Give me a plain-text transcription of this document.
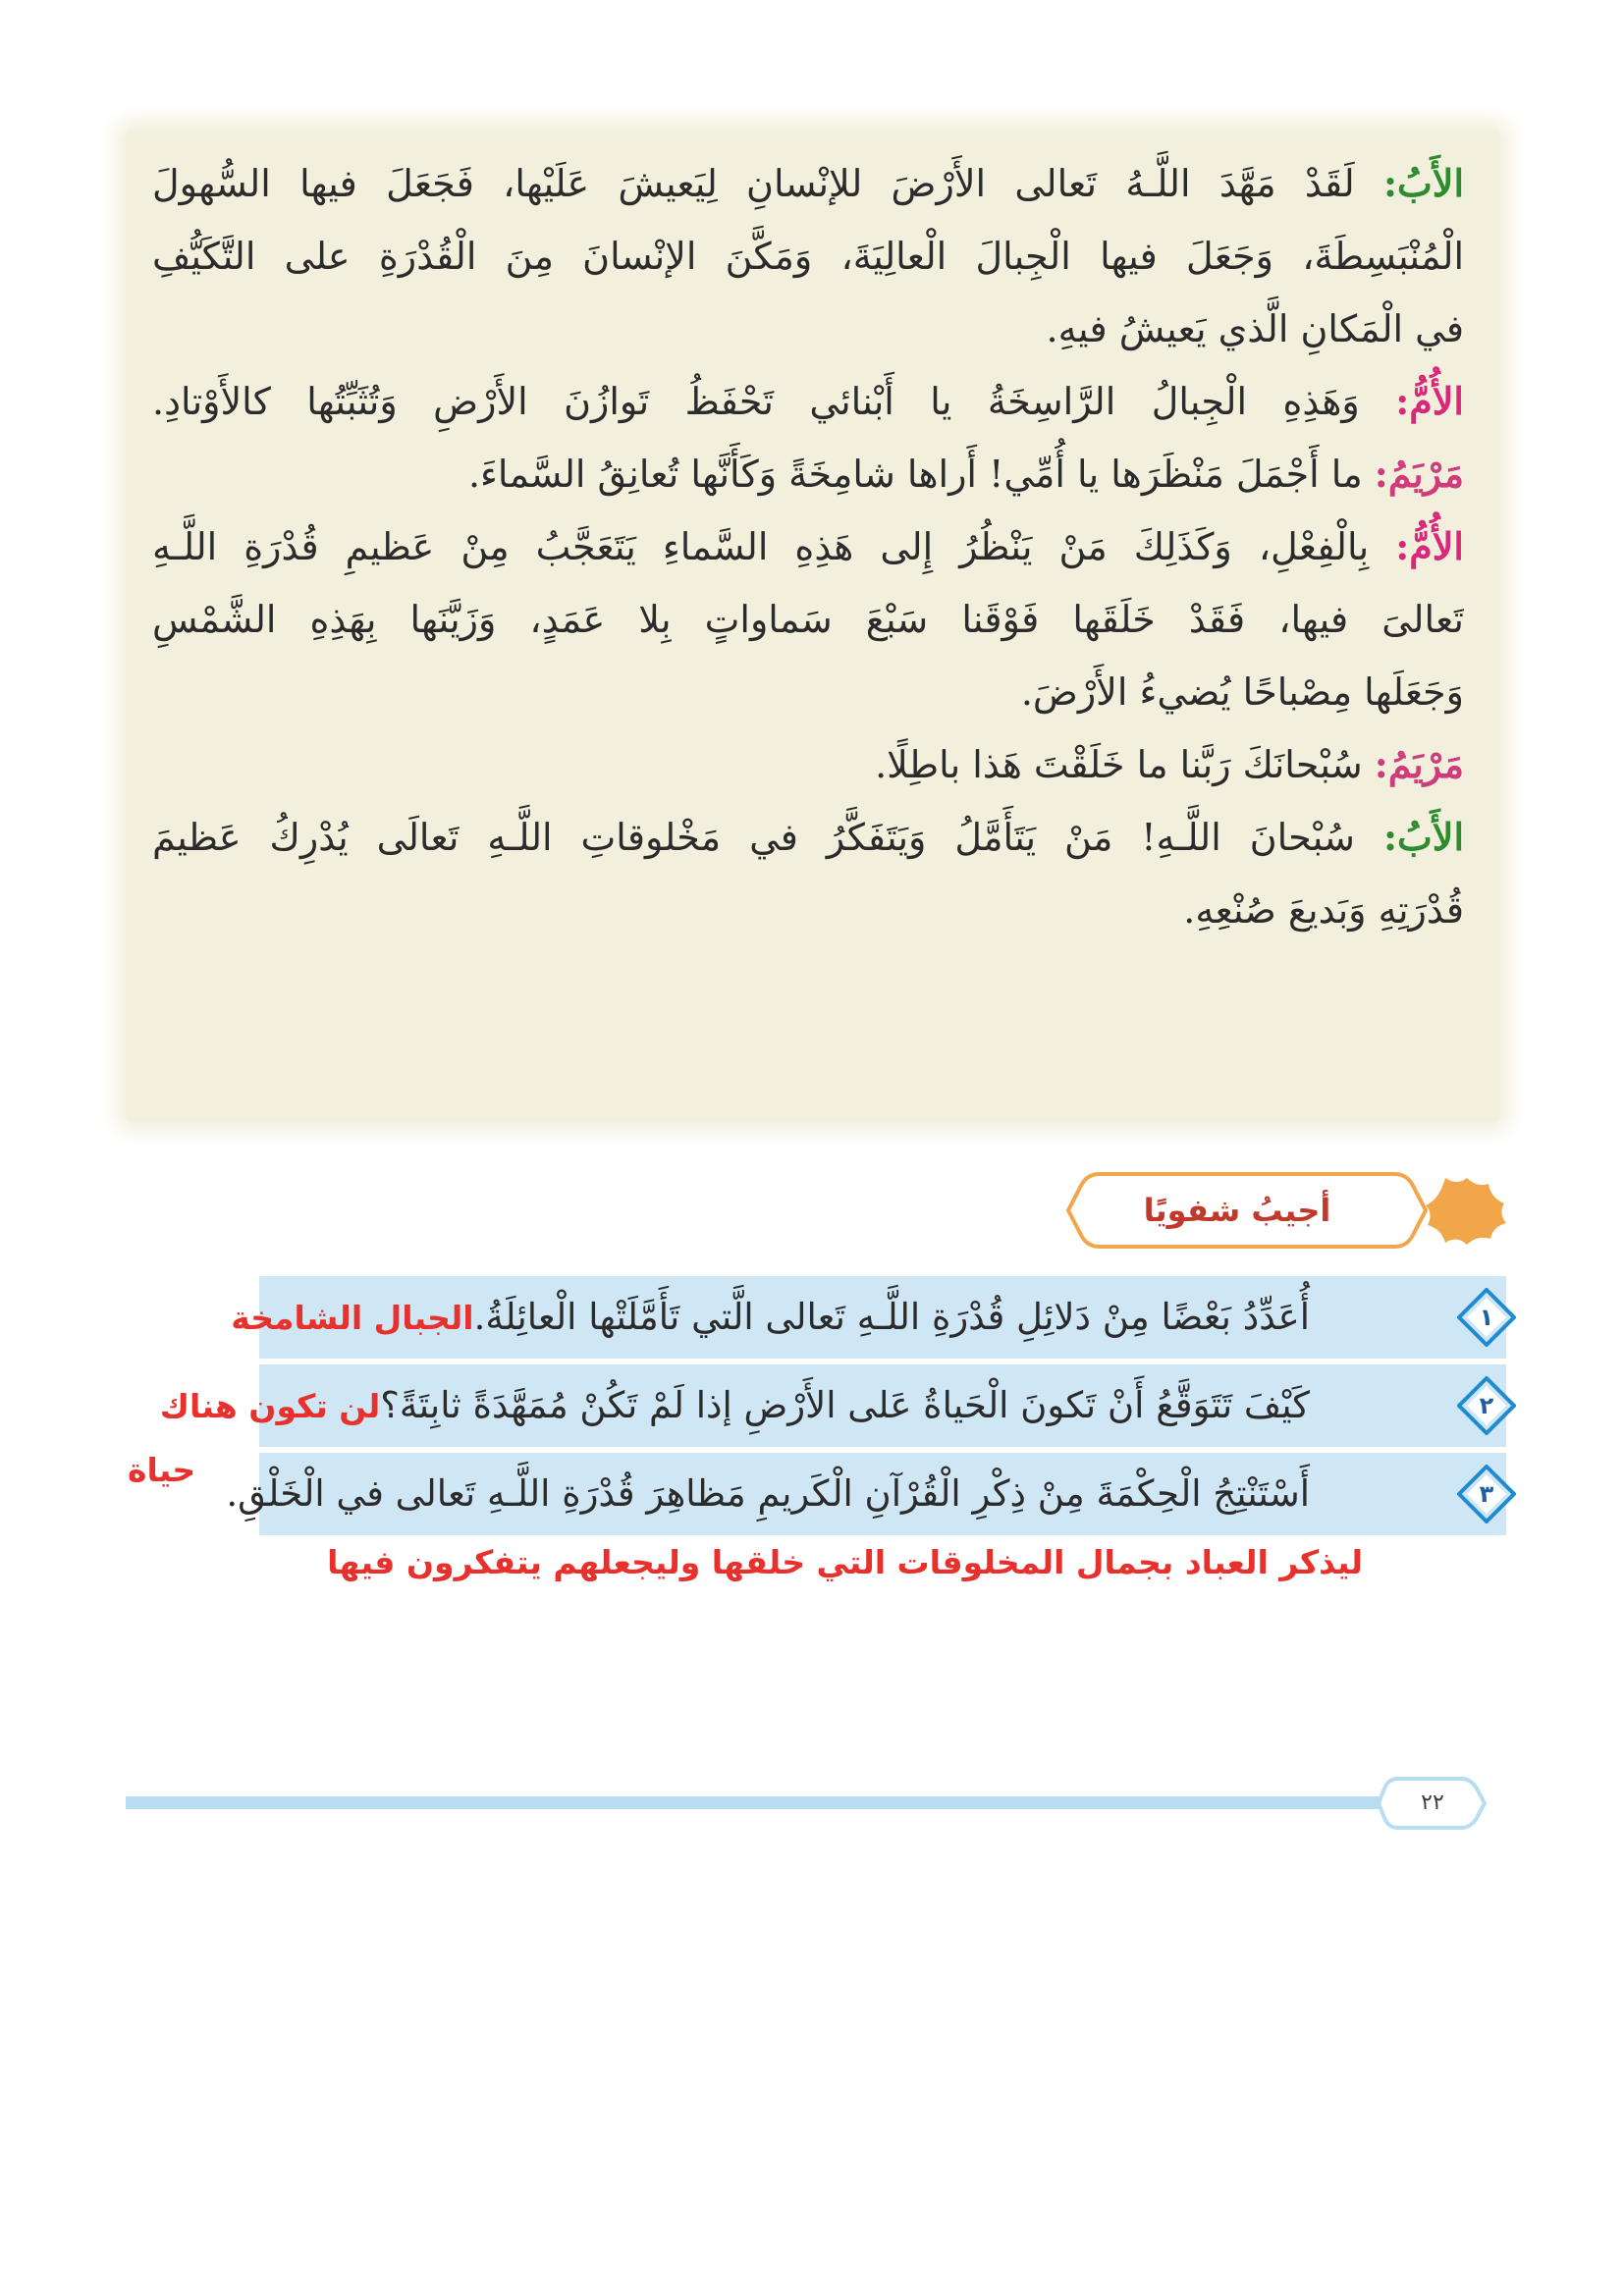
الأَبُ: لَقَدْ مَهَّدَ اللَّـهُ تَعالى الأَرْضَ للإنْسانِ لِيَعيشَ عَلَيْها، فَجَعَلَ فيها السُّهولَ
الْمُنْبَسِطَةَ، وَجَعَلَ فيها الْجِبالَ الْعالِيَةَ، وَمَكَّنَ الإنْسانَ مِنَ الْقُدْرَةِ على التَّكَيُّفِ
في الْمَكانِ الَّذي يَعيشُ فيهِ.
الأُمُّ: وَهَذِهِ الْجِبالُ الرَّاسِخَةُ يا أَبْنائي تَحْفَظُ تَوازُنَ الأَرْضِ وَتُثَبِّتُها كالأَوْتادِ.
مَرْيَمُ: ما أَجْمَلَ مَنْظَرَها يا أُمِّي! أَراها شامِخَةً وَكَأَنَّها تُعانِقُ السَّماءَ.
الأُمُّ: بِالْفِعْلِ، وَكَذَلِكَ مَنْ يَنْظُرُ إِلى هَذِهِ السَّماءِ يَتَعَجَّبُ مِنْ عَظيمِ قُدْرَةِ اللَّـهِ
تَعالىَ فيها، فَقَدْ خَلَقَها فَوْقَنا سَبْعَ سَماواتٍ بِلا عَمَدٍ، وَزَيَّنَها بِهَذِهِ الشَّمْسِ
وَجَعَلَها مِصْباحًا يُضيءُ الأَرْضَ.
مَرْيَمُ: سُبْحانَكَ رَبَّنا ما خَلَقْتَ هَذا باطِلًا.
الأَبُ: سُبْحانَ اللَّـهِ! مَنْ يَتَأَمَّلُ وَيَتَفَكَّرُ في مَخْلوقاتِ اللَّـهِ تَعالَى يُدْرِكُ عَظيمَ
قُدْرَتِهِ وَبَديعَ صُنْعِهِ.
أجيبُ شفويًا
أُعَدِّدُ بَعْضًا مِنْ دَلائِلِ قُدْرَةِ اللَّـهِ تَعالى الَّتي تَأَمَّلَتْها الْعائِلَةُ.الجبال الشامخة	١
كَيْفَ تَتَوَقَّعُ أَنْ تَكونَ الْحَياةُ عَلى الأَرْضِ إذا لَمْ تَكُنْ مُمَهَّدَةً ثابِتَةً؟لن تكون هناك	٢
حياة
أَسْتَنْتِجُ الْحِكْمَةَ مِنْ ذِكْرِ الْقُرْآنِ الْكَريمِ مَظاهِرَ قُدْرَةِ اللَّـهِ تَعالى في الْخَلْقِ.	٣
ليذكر العباد بجمال المخلوقات التي خلقها وليجعلهم يتفكرون فيها
٢٢
